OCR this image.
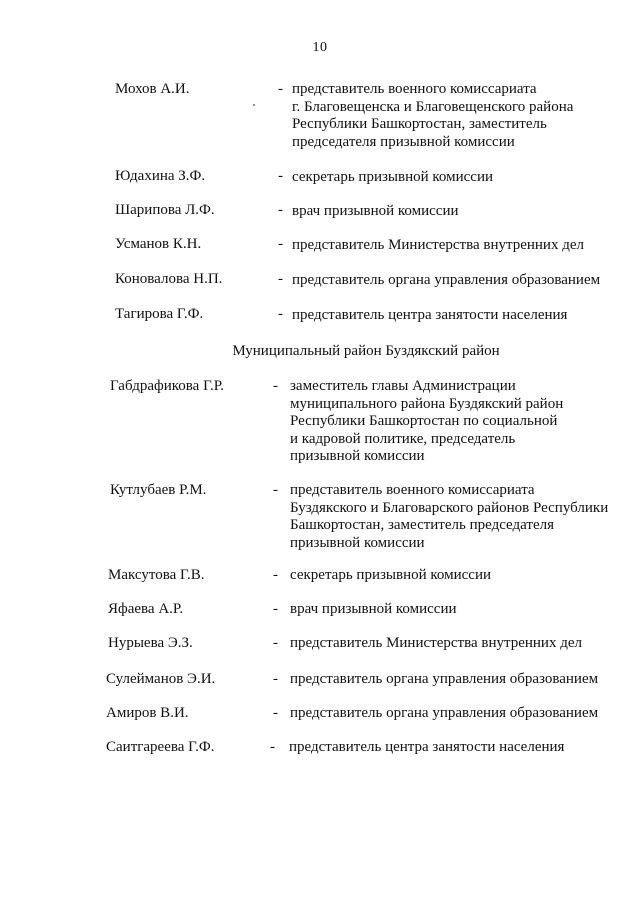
10
Мохов А.И.	- представитель военного комиссариата
г. Благовещенска и Благовещенского района
Республики Башкортостан, заместитель
председателя призывной комиссии
Юдахина З.Ф.	- секретарь призывной комиссии
Шарипова Л.Ф.	- врач призывной комиссии
Усманов К.Н.	- представитель Министерства внутренних дел
Коновалова Н.П.	- представитель органа управления образованием
Тагирова Г.Ф.	- представитель центра занятости населения
Муниципальный район Буздякский район
Габдрафикова Г.Р.	- заместитель главы Администрации
муниципального района Буздякский район
Республики Башкортостан по социальной
и кадровой политике, председатель
призывной комиссии
Кутлубаев Р.М.	- представитель военного комиссариата
Буздякского и Благоварского районов Республики
Башкортостан, заместитель председателя
призывной комиссии
Максутова Г.В.	- секретарь призывной комиссии
Яфаева А.Р.	- врач призывной комиссии
Нурыева Э.З.	- представитель Министерства внутренних дел
Сулейманов Э.И.	- представитель органа управления образованием
Амиров В.И.	- представитель органа управления образованием
Саитгареева Г.Ф.	- представитель центра занятости населения
